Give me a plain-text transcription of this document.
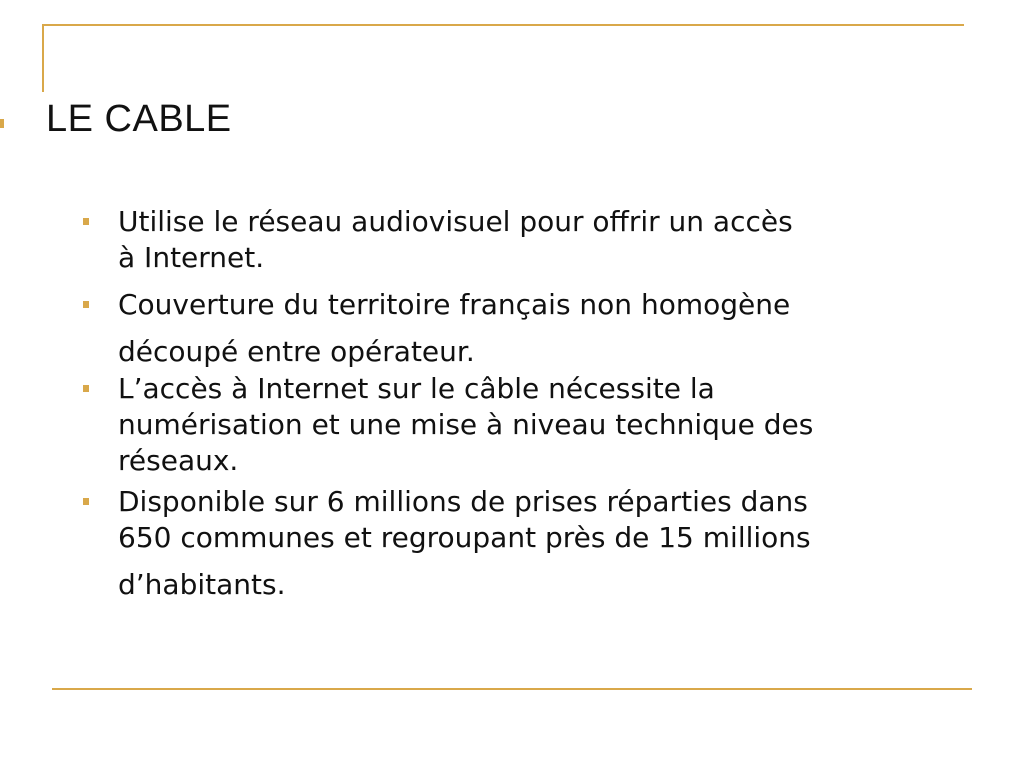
LE CABLE
Utilise le réseau audiovisuel pour offrir un accès
à Internet.
Couverture du territoire français non homogène
découpé entre opérateur.
L’accès à Internet sur le câble nécessite la
numérisation et une mise à niveau technique des
réseaux.
Disponible sur 6 millions de prises réparties dans
650 communes et regroupant près de 15 millions
d’habitants.
